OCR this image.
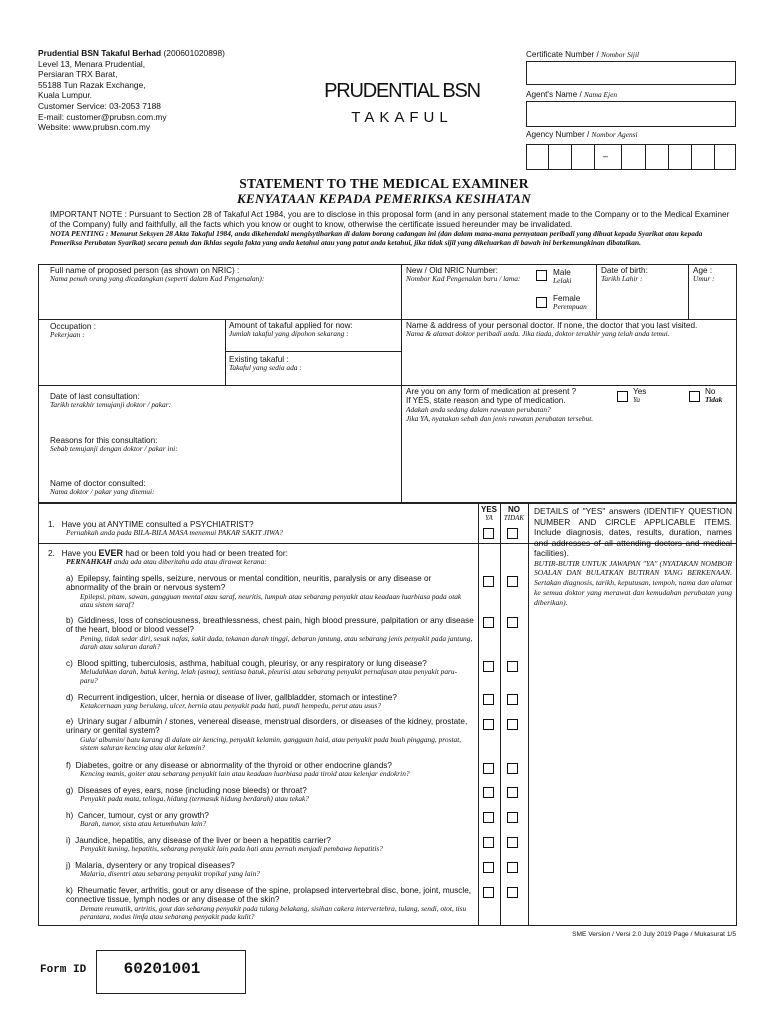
Prudential BSN Takaful Berhad (200601020898)
Level 13, Menara Prudential,
Persiaran TRX Barat,
55188 Tun Razak Exchange,
Kuala Lumpur.
Customer Service: 03-2053 7188
E-mail: customer@prubsn.com.my
Website: www.prubsn.com.my
PRUDENTIAL BSN
TAKAFUL
Certificate Number / Nombor Sijil
Agent's Name / Nama Ejen
Agency Number / Nombor Agensi
–
STATEMENT TO THE MEDICAL EXAMINER
KENYATAAN KEPADA PEMERIKSA KESIHATAN
IMPORTANT NOTE : Pursuant to Section 28 of Takaful Act 1984, you are to disclose in this proposal form (and in any personal statement made to the Company or to the Medical Examiner of the Company) fully and faithfully, all the facts which you know or ought to know, otherwise the certificate issued hereunder may be invalidated.
NOTA PENTING : Menurut Seksyen 28 Akta Takaful 1984, anda dikehendaki mengisytiharkan di dalam borang cadangan ini (dan dalam mana-mana pernyataan peribadi yang dibuat kepada Syarikat atau kepada Pemeriksa Perubatan Syarikat) secara penuh dan ikhlas segala fakta yang anda ketahui atau yang patut anda ketahui, jika tidak sijil yang dikeluarkan di bawah ini berkemungkinan dibatalkan.
Full name of proposed person (as shown on NRIC) :
Nama penuh orang yang dicadangkan (seperti dalam Kad Pengenalan):
New / Old NRIC Number:
Nombor Kad Pengenalan baru / lama:
Male
Lelaki
Female
Perempuan
Date of birth:
Tarikh Lahir :
Age :
Umur :
Occupation :
Pekerjaan :
Amount of takaful applied for now:
Jumlah takaful yang dipohon sekarang :
Existing takaful :
Takaful yang sedia ada :
Name & address of your personal doctor. If none, the doctor that you last visited.
Nama & alamat doktor peribadi anda. Jika tiada, doktor terakhir yang telah anda temui.
Date of last consultation:
Tarikh terakhir temujanji doktor / pakar:
Reasons for this consultation:
Sebab temujanji dengan doktor / pakar ini:
Name of doctor consulted:
Nama doktor / pakar yang ditemui:
Are you on any form of medication at present ?
If YES, state reason and type of medication.
Adakah anda sedang dalam rawatan perubatan?
Jika YA, nyatakan sebab dan jenis rawatan perubatan tersebut.
Yes
Ya
No
Tidak
YES
YA
NO
TIDAK
DETAILS of "YES" answers (IDENTIFY QUESTION NUMBER AND CIRCLE APPLICABLE ITEMS. Include diagnosis, dates, results, duration, names and addresses of all attending doctors and medical facilities).
BUTIR-BUTIR UNTUK JAWAPAN "YA" (NYATAKAN NOMBOR SOALAN DAN BULATKAN BUTIRAN YANG BERKENAAN. Sertakan diagnosis, tarikh, keputusan, tempoh, nama dan alamat ke semua doktor yang merawat dan kemudahan perubatan yang diberikan).
1. Have you at ANYTIME consulted a PSYCHIATRIST?
Pernahkah anda pada BILA-BILA MASA menemui PAKAR SAKIT JIWA?
2. Have you EVER had or been told you had or been treated for:
PERNAHKAH anda ada atau diberitahu ada atau dirawat kerana:
a) Epilepsy, fainting spells, seizure, nervous or mental condition, neuritis, paralysis or any disease or abnormality of the brain or nervous system?
Epilepsi, pitam, sawan, gangguan mental atau saraf, neuritis, lumpuh atau sebarang penyakit atau keadaan luarbiasa pada otak atau sistem saraf?
b) Giddiness, loss of consciousness, breathlessness, chest pain, high blood pressure, palpitation or any disease of the heart, blood or blood vessel?
Pening, tidak sedar diri, sesak nafas, sakit dada, tekanan darah tinggi, debaran jantung, atau sebarang jenis penyakit pada jantung, darah atau saluran darah?
c) Blood spitting, tuberculosis, asthma, habitual cough, pleurisy, or any respiratory or lung disease?
Meludahkan darah, batuk kering, lelah (asma), sentiasa batuk, pleurisi atau sebarang penyakit pernafasan atau penyakit paru-paru?
d) Recurrent indigestion, ulcer, hernia or disease of liver, gallbladder, stomach or intestine?
Ketakcernaan yang berulang, ulcer, hernia atau penyakit pada hati, pundi hempedu, perut atau usus?
e) Urinary sugar / albumin / stones, venereal disease, menstrual disorders, or diseases of the kidney, prostate, urinary or genital system?
Gula/ albumin/ batu karang di dalam air kencing, penyakit kelamin, gangguan haid, atau penyakit pada buah pinggang, prostat, sistem saluran kencing atau alat kelamin?
f) Diabetes, goitre or any disease or abnormality of the thyroid or other endocrine glands?
Kencing manis, goiter atau sebarang penyakit lain atau keadaan luarbiasa pada tiroid atau kelenjar endokrin?
g) Diseases of eyes, ears, nose (including nose bleeds) or throat?
Penyakit pada mata, telinga, hidung (termasuk hidung berdarah) atau tekak?
h) Cancer, tumour, cyst or any growth?
Barah, tumor, sista atau ketumbuhan lain?
i) Jaundice, hepatitis, any disease of the liver or been a hepatitis carrier?
Penyakit kuning, hepatitis, sebarang penyakit lain pada hati atau pernah menjadi pembawa hepatitis?
j) Malaria, dysentery or any tropical diseases?
Malaria, disentri atau sebarang penyakit tropikal yang lain?
k) Rheumatic fever, arthritis, gout or any disease of the spine, prolapsed intervertebral disc, bone, joint, muscle, connective tissue, lymph nodes or any disease of the skin?
Demam reumatik, artritis, gout dan sebarang penyakit pada tulang belakang, sisihan cakera intervertebra, tulang, sendi, otot, tisu perantara, nodus limfa atau sebarang penyakit pada kulit?
SME Version / Versi 2.0 July 2019 Page / Mukasurat 1/5
Form ID	60201001
